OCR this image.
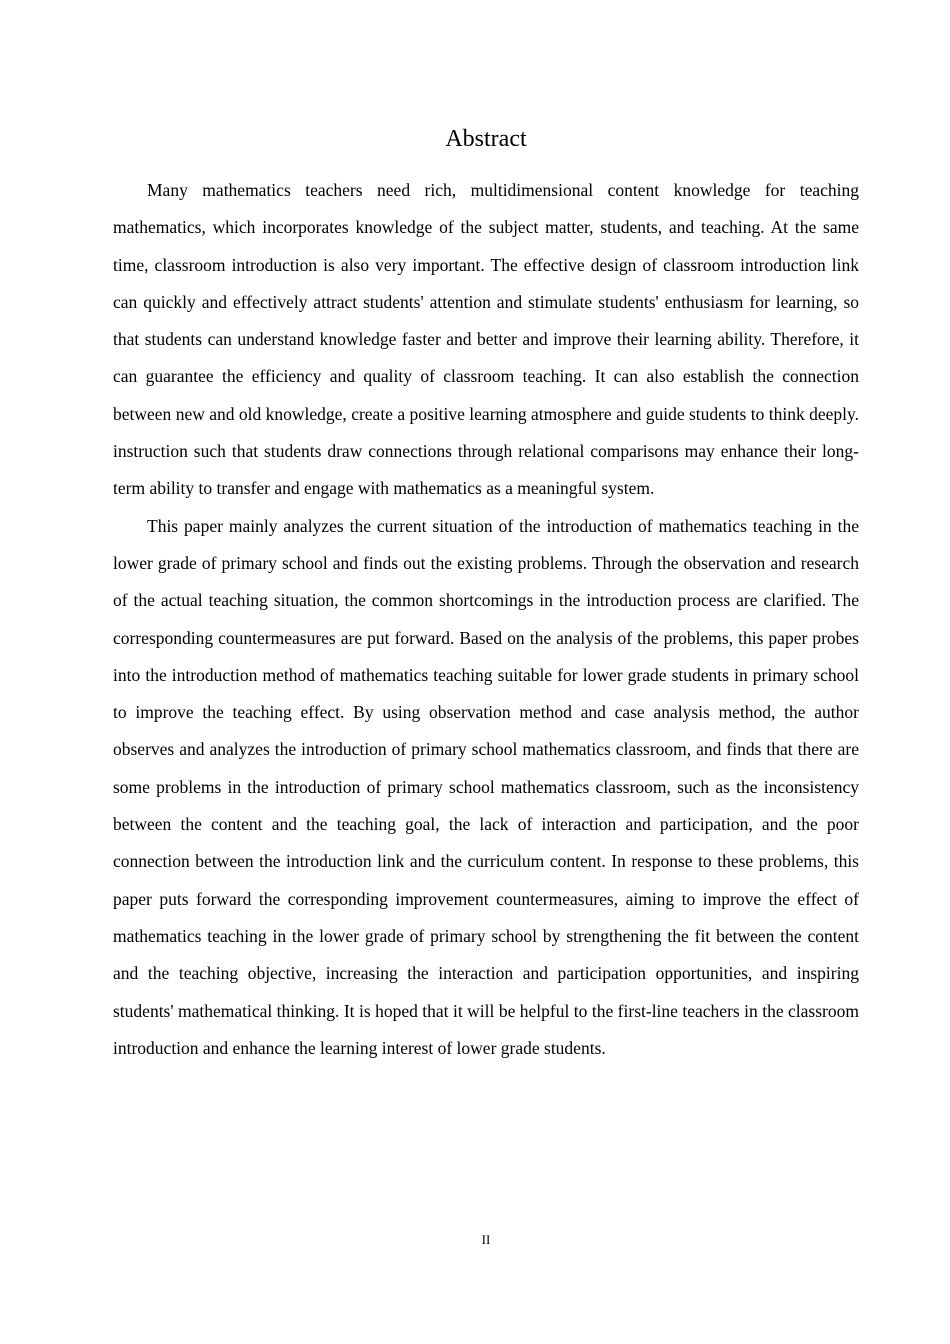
Abstract

Many mathematics teachers need rich, multidimensional content knowledge for teaching mathematics, which incorporates knowledge of the subject matter, students, and teaching. At the same time, classroom introduction is also very important. The effective design of classroom introduction link can quickly and effectively attract students' attention and stimulate students' enthusiasm for learning, so that students can understand knowledge faster and better and improve their learning ability. Therefore, it can guarantee the efficiency and quality of classroom teaching. It can also establish the connection between new and old knowledge, create a positive learning atmosphere and guide students to think deeply. instruction such that students draw connections through relational comparisons may enhance their long-term ability to transfer and engage with mathematics as a meaningful system.

This paper mainly analyzes the current situation of the introduction of mathematics teaching in the lower grade of primary school and finds out the existing problems. Through the observation and research of the actual teaching situation, the common shortcomings in the introduction process are clarified. The corresponding countermeasures are put forward. Based on the analysis of the problems, this paper probes into the introduction method of mathematics teaching suitable for lower grade students in primary school to improve the teaching effect. By using observation method and case analysis method, the author observes and analyzes the introduction of primary school mathematics classroom, and finds that there are some problems in the introduction of primary school mathematics classroom, such as the inconsistency between the content and the teaching goal, the lack of interaction and participation, and the poor connection between the introduction link and the curriculum content. In response to these problems, this paper puts forward the corresponding improvement countermeasures, aiming to improve the effect of mathematics teaching in the lower grade of primary school by strengthening the fit between the content and the teaching objective, increasing the interaction and participation opportunities, and inspiring students' mathematical thinking. It is hoped that it will be helpful to the first-line teachers in the classroom introduction and enhance the learning interest of lower grade students.

II
